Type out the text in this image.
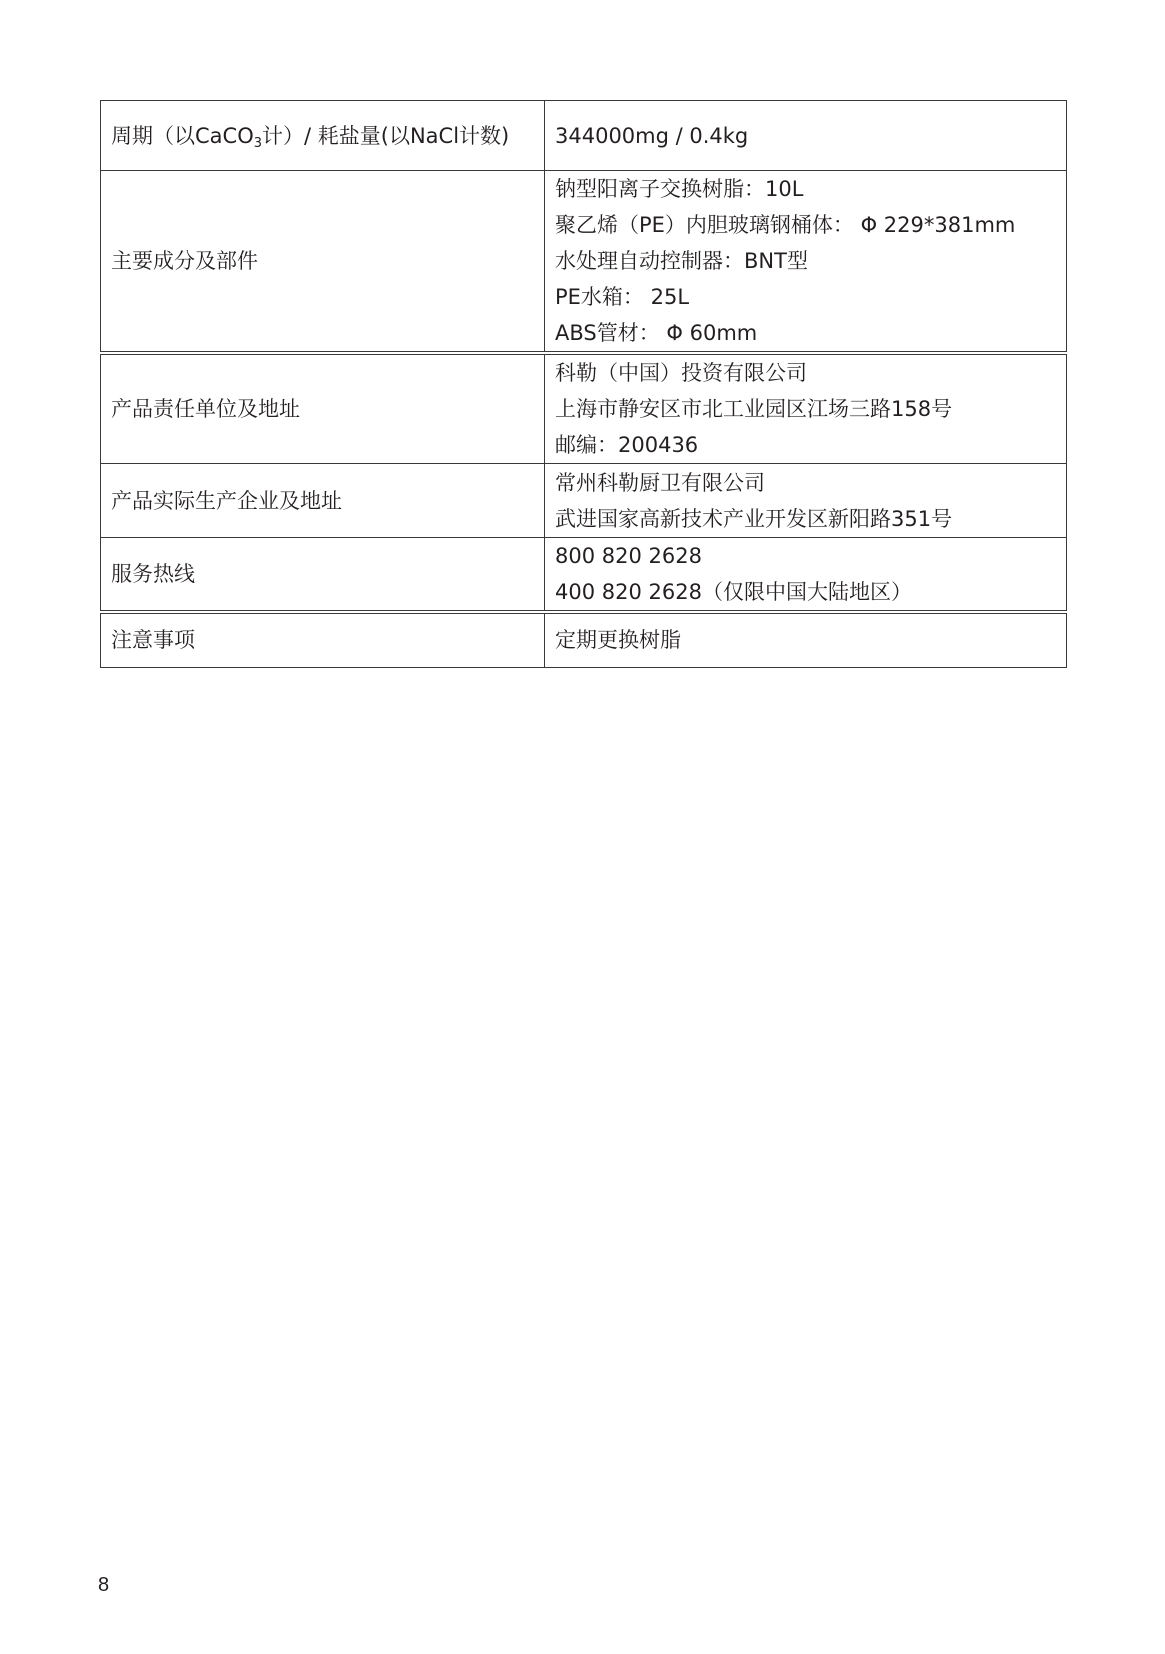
周期（以CaCO$_3$计）/ 耗盐量(以NaCl计数)	344000mg / 0.4kg

主要成分及部件	钠型阳离子交换树脂：10L
聚乙烯（PE）内胆玻璃钢桶体： Φ 229*381mm
水处理自动控制器：BNT型
PE水箱： 25L
ABS管材： Φ 60mm

产品责任单位及地址	科勒（中国）投资有限公司
上海市静安区市北工业园区江场三路158号
邮编：200436

产品实际生产企业及地址	常州科勒厨卫有限公司
武进国家高新技术产业开发区新阳路351号

服务热线	800 820 2628
400 820 2628（仅限中国大陆地区）

注意事项	定期更换树脂
8
